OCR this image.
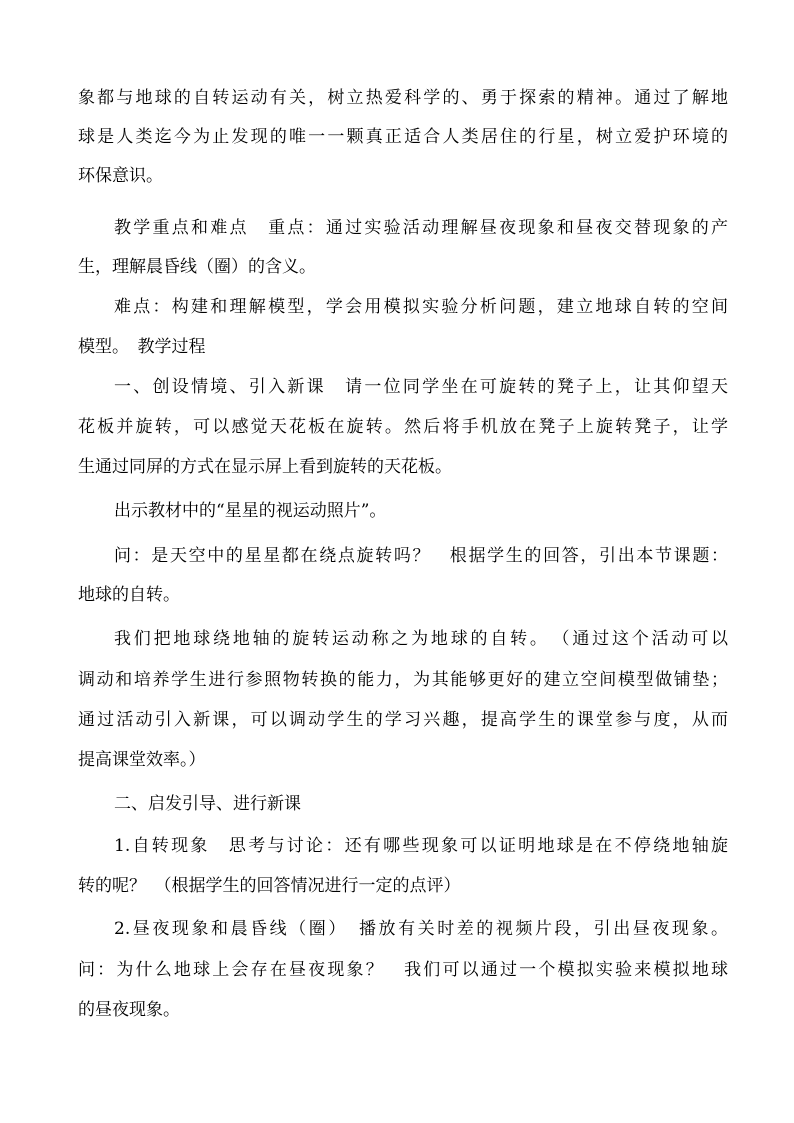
象都与地球的自转运动有关，树立热爱科学的、勇于探索的精神。通过了解地
球是人类迄今为止发现的唯一一颗真正适合人类居住的行星，树立爱护环境的
环保意识。
教学重点和难点　重点：通过实验活动理解昼夜现象和昼夜交替现象的产
生，理解晨昏线（圈）的含义。
难点：构建和理解模型，学会用模拟实验分析问题，建立地球自转的空间
模型。　教学过程
一、创设情境、引入新课　请一位同学坐在可旋转的凳子上，让其仰望天
花板并旋转，可以感觉天花板在旋转。然后将手机放在凳子上旋转凳子，让学
生通过同屏的方式在显示屏上看到旋转的天花板。
出示教材中的“星星的视运动照片”。
问：是天空中的星星都在绕点旋转吗？　根据学生的回答，引出本节课题：
地球的自转。
我们把地球绕地轴的旋转运动称之为地球的自转。　（通过这个活动可以
调动和培养学生进行参照物转换的能力，为其能够更好的建立空间模型做铺垫；
通过活动引入新课，可以调动学生的学习兴趣，提高学生的课堂参与度，从而
提高课堂效率。）
二、启发引导、进行新课
1.自转现象　思考与讨论：还有哪些现象可以证明地球是在不停绕地轴旋
转的呢？　（根据学生的回答情况进行一定的点评）
2.昼夜现象和晨昏线（圈）　播放有关时差的视频片段，引出昼夜现象。
问：为什么地球上会存在昼夜现象？　我们可以通过一个模拟实验来模拟地球
的昼夜现象。
